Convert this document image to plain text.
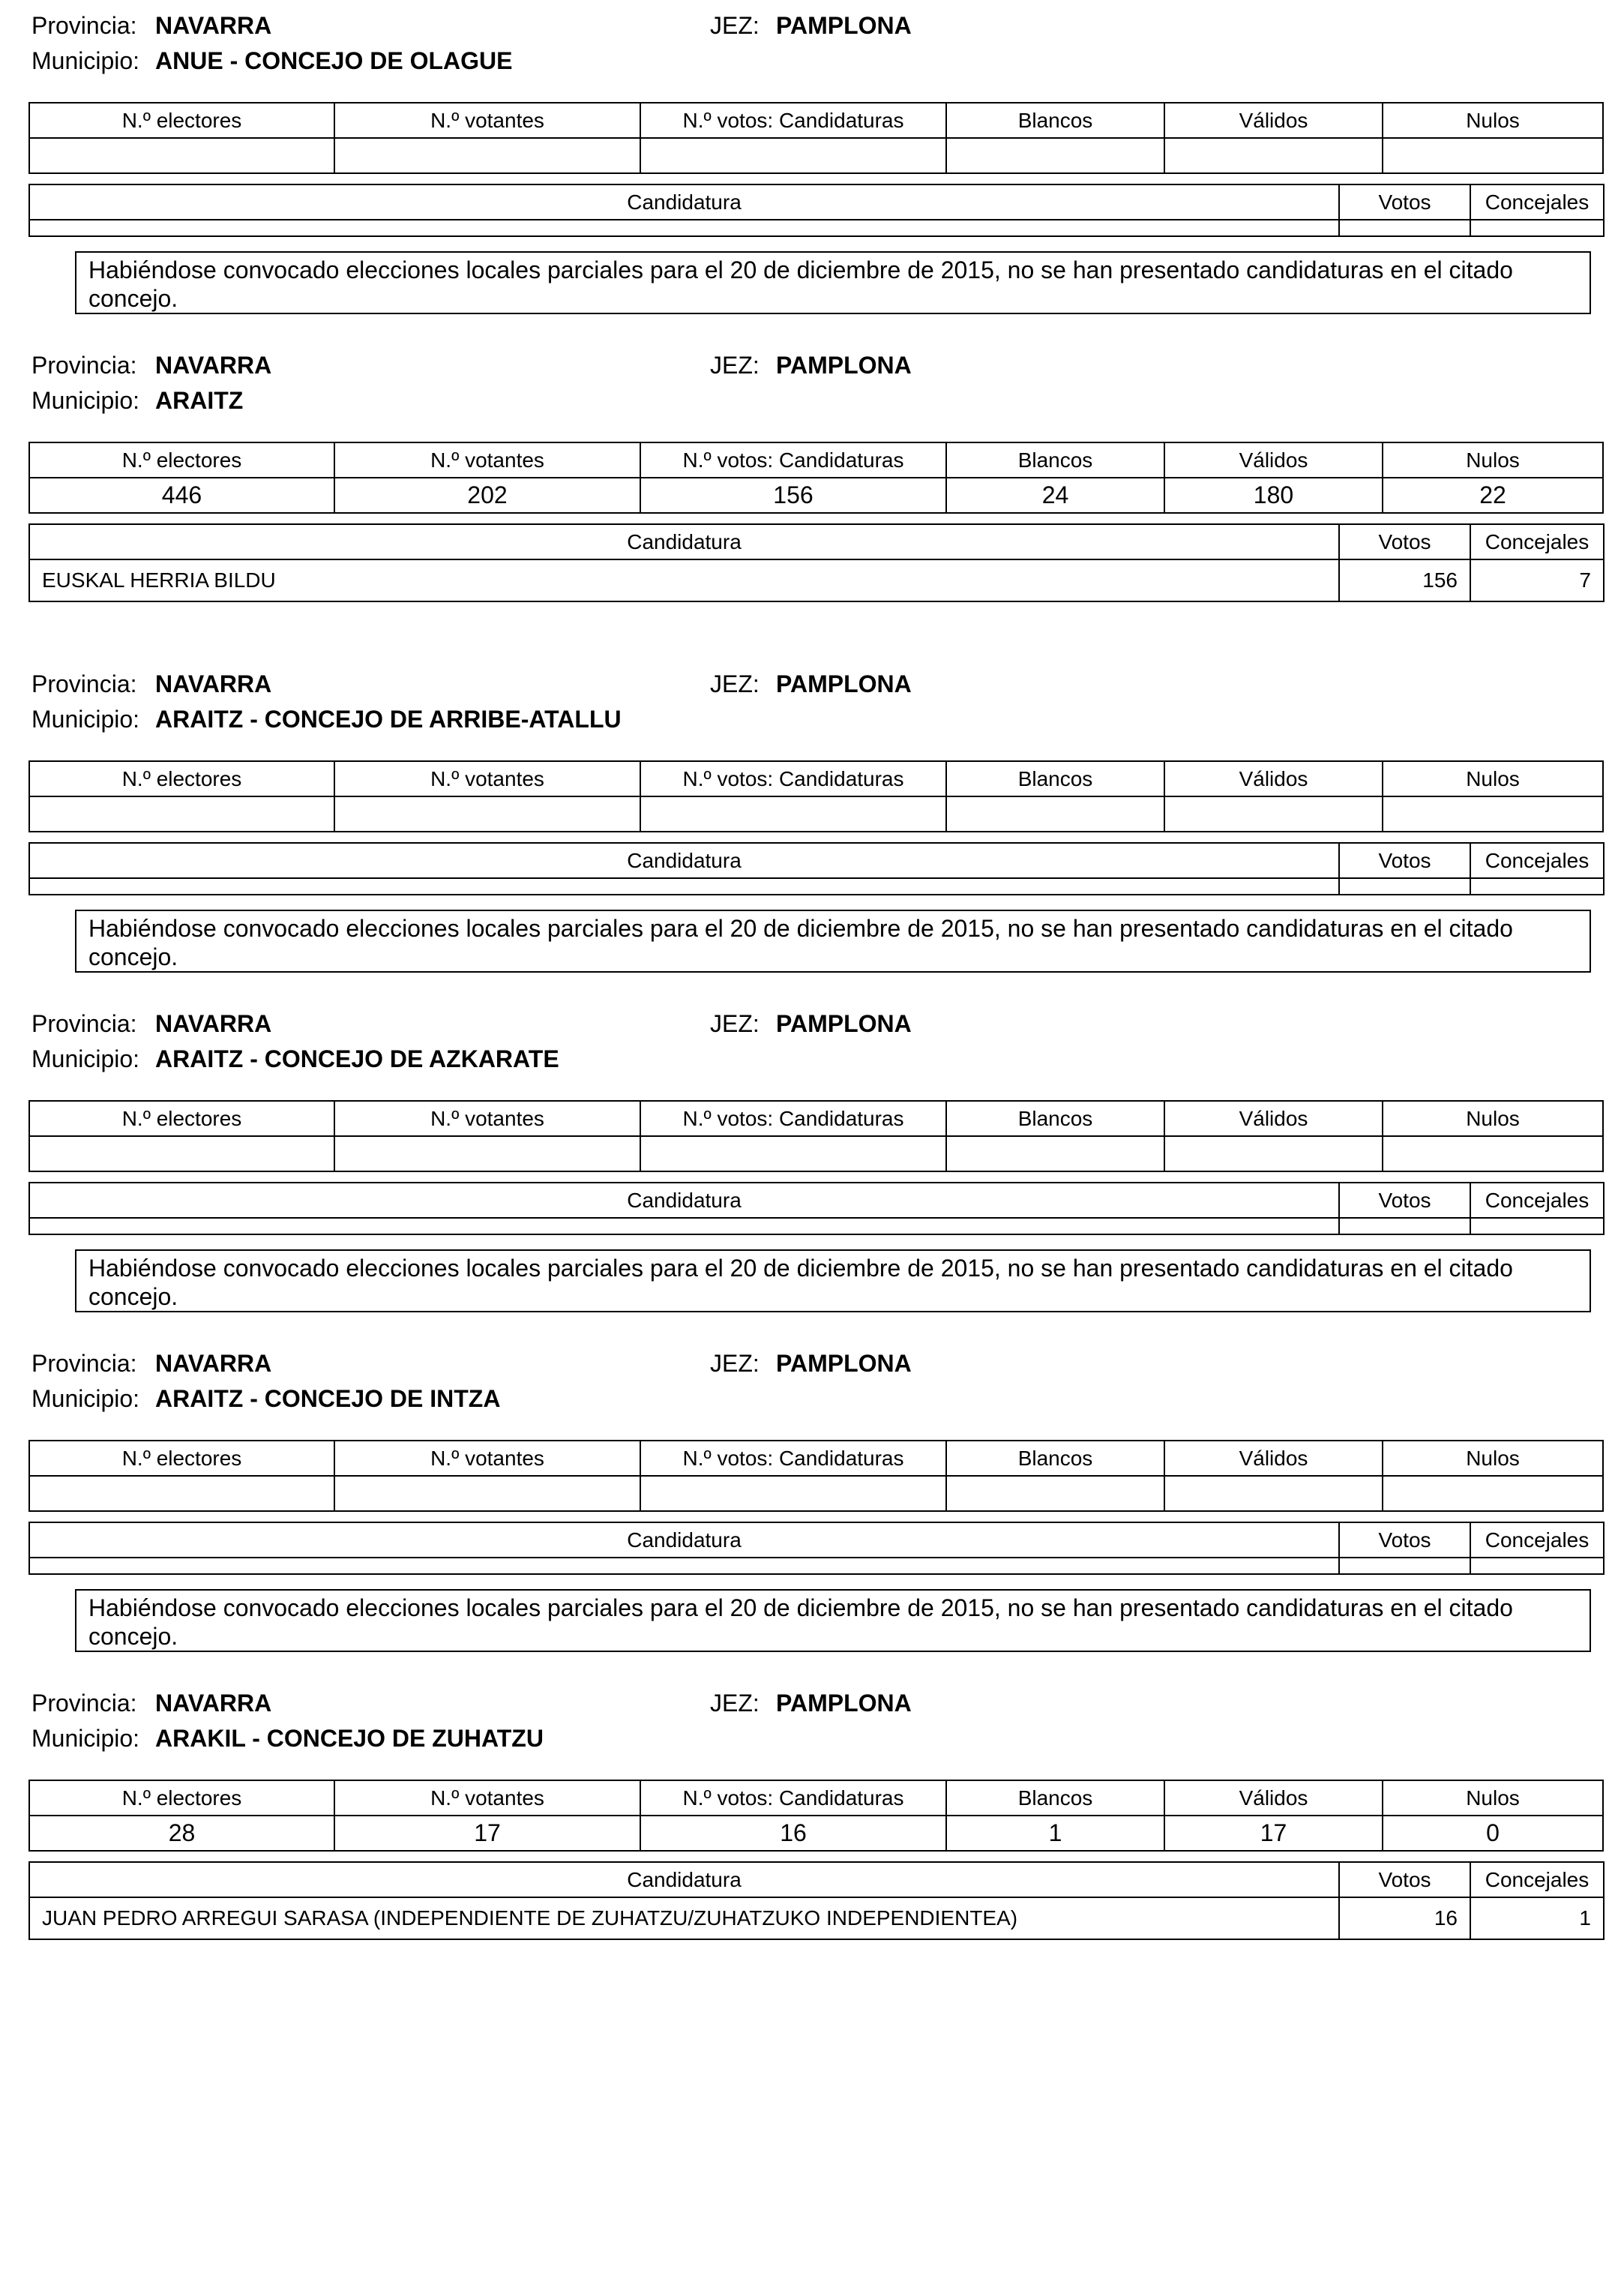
Provincia: NAVARRA	JEZ: PAMPLONA
Municipio: ANUE - CONCEJO DE OLAGUE
N.º electores	N.º votantes	N.º votos: Candidaturas	Blancos	Válidos	Nulos

Candidatura	Votos	Concejales

Habiéndose convocado elecciones locales parciales para el 20 de diciembre de 2015, no se han presentado candidaturas en el citado concejo.
Provincia: NAVARRA	JEZ: PAMPLONA
Municipio: ARAITZ
N.º electores	N.º votantes	N.º votos: Candidaturas	Blancos	Válidos	Nulos
446	202	156	24	180	22
Candidatura	Votos	Concejales
EUSKAL HERRIA BILDU	156	7
Provincia: NAVARRA	JEZ: PAMPLONA
Municipio: ARAITZ - CONCEJO DE ARRIBE-ATALLU
N.º electores	N.º votantes	N.º votos: Candidaturas	Blancos	Válidos	Nulos

Candidatura	Votos	Concejales

Habiéndose convocado elecciones locales parciales para el 20 de diciembre de 2015, no se han presentado candidaturas en el citado concejo.
Provincia: NAVARRA	JEZ: PAMPLONA
Municipio: ARAITZ - CONCEJO DE AZKARATE
N.º electores	N.º votantes	N.º votos: Candidaturas	Blancos	Válidos	Nulos

Candidatura	Votos	Concejales

Habiéndose convocado elecciones locales parciales para el 20 de diciembre de 2015, no se han presentado candidaturas en el citado concejo.
Provincia: NAVARRA	JEZ: PAMPLONA
Municipio: ARAITZ - CONCEJO DE INTZA
N.º electores	N.º votantes	N.º votos: Candidaturas	Blancos	Válidos	Nulos

Candidatura	Votos	Concejales

Habiéndose convocado elecciones locales parciales para el 20 de diciembre de 2015, no se han presentado candidaturas en el citado concejo.
Provincia: NAVARRA	JEZ: PAMPLONA
Municipio: ARAKIL - CONCEJO DE ZUHATZU
N.º electores	N.º votantes	N.º votos: Candidaturas	Blancos	Válidos	Nulos
28	17	16	1	17	0
Candidatura	Votos	Concejales
JUAN PEDRO ARREGUI SARASA (INDEPENDIENTE DE ZUHATZU/ZUHATZUKO INDEPENDIENTEA)	16	1
